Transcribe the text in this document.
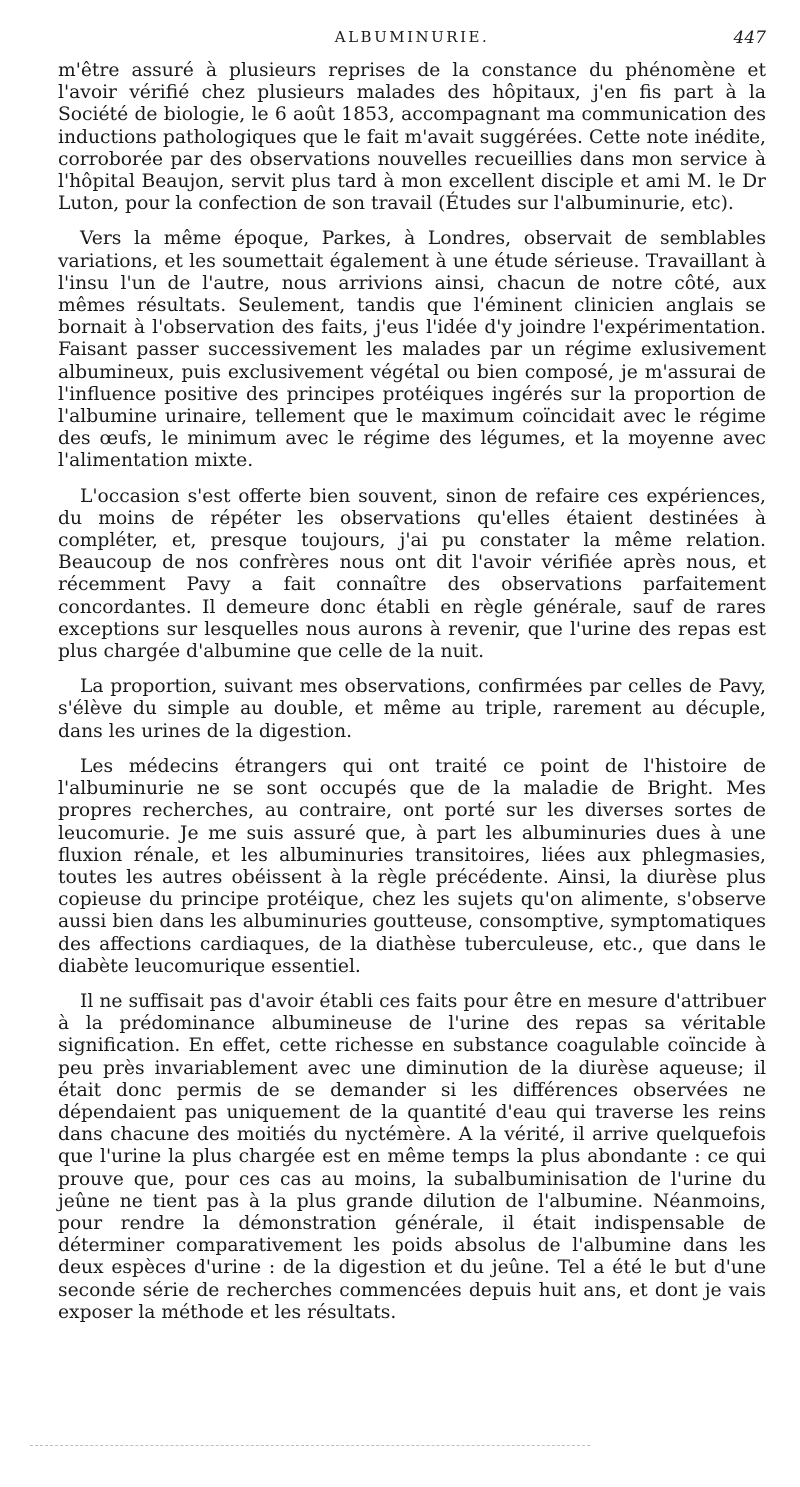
ALBUMINURIE.	447

m'être assuré à plusieurs reprises de la constance du phénomène et l'avoir vérifié chez plusieurs malades des hôpitaux, j'en fis part à la Société de biologie, le 6 août 1853, accompagnant ma communication des inductions pathologiques que le fait m'avait suggérées. Cette note inédite, corroborée par des observations nouvelles recueillies dans mon service à l'hôpital Beaujon, servit plus tard à mon excellent disciple et ami M. le Dr Luton, pour la confection de son travail (Études sur l'albuminurie, etc).

Vers la même époque, Parkes, à Londres, observait de semblables variations, et les soumettait également à une étude sérieuse. Travaillant à l'insu l'un de l'autre, nous arrivions ainsi, chacun de notre côté, aux mêmes résultats. Seulement, tandis que l'éminent clinicien anglais se bornait à l'observation des faits, j'eus l'idée d'y joindre l'expérimentation. Faisant passer successivement les malades par un régime exlusivement albumineux, puis exclusivement végétal ou bien composé, je m'assurai de l'influence positive des principes protéiques ingérés sur la proportion de l'albumine urinaire, tellement que le maximum coïncidait avec le régime des œufs, le minimum avec le régime des légumes, et la moyenne avec l'alimentation mixte.

L'occasion s'est offerte bien souvent, sinon de refaire ces expériences, du moins de répéter les observations qu'elles étaient destinées à compléter, et, presque toujours, j'ai pu constater la même relation. Beaucoup de nos confrères nous ont dit l'avoir vérifiée après nous, et récemment Pavy a fait connaître des observations parfaitement concordantes. Il demeure donc établi en règle générale, sauf de rares exceptions sur lesquelles nous aurons à revenir, que l'urine des repas est plus chargée d'albumine que celle de la nuit.

La proportion, suivant mes observations, confirmées par celles de Pavy, s'élève du simple au double, et même au triple, rarement au décuple, dans les urines de la digestion.

Les médecins étrangers qui ont traité ce point de l'histoire de l'albuminurie ne se sont occupés que de la maladie de Bright. Mes propres recherches, au contraire, ont porté sur les diverses sortes de leucomurie. Je me suis assuré que, à part les albuminuries dues à une fluxion rénale, et les albuminuries transitoires, liées aux phlegmasies, toutes les autres obéissent à la règle précédente. Ainsi, la diurèse plus copieuse du principe protéique, chez les sujets qu'on alimente, s'observe aussi bien dans les albuminuries goutteuse, consomptive, symptomatiques des affections cardiaques, de la diathèse tuberculeuse, etc., que dans le diabète leucomurique essentiel.

Il ne suffisait pas d'avoir établi ces faits pour être en mesure d'attribuer à la prédominance albumineuse de l'urine des repas sa véritable signification. En effet, cette richesse en substance coagulable coïncide à peu près invariablement avec une diminution de la diurèse aqueuse; il était donc permis de se demander si les différences observées ne dépendaient pas uniquement de la quantité d'eau qui traverse les reins dans chacune des moitiés du nyctémère. A la vérité, il arrive quelquefois que l'urine la plus chargée est en même temps la plus abondante : ce qui prouve que, pour ces cas au moins, la subalbuminisation de l'urine du jeûne ne tient pas à la plus grande dilution de l'albumine. Néanmoins, pour rendre la démonstration générale, il était indispensable de déterminer comparativement les poids absolus de l'albumine dans les deux espèces d'urine : de la digestion et du jeûne. Tel a été le but d'une seconde série de recherches commencées depuis huit ans, et dont je vais exposer la méthode et les résultats.
